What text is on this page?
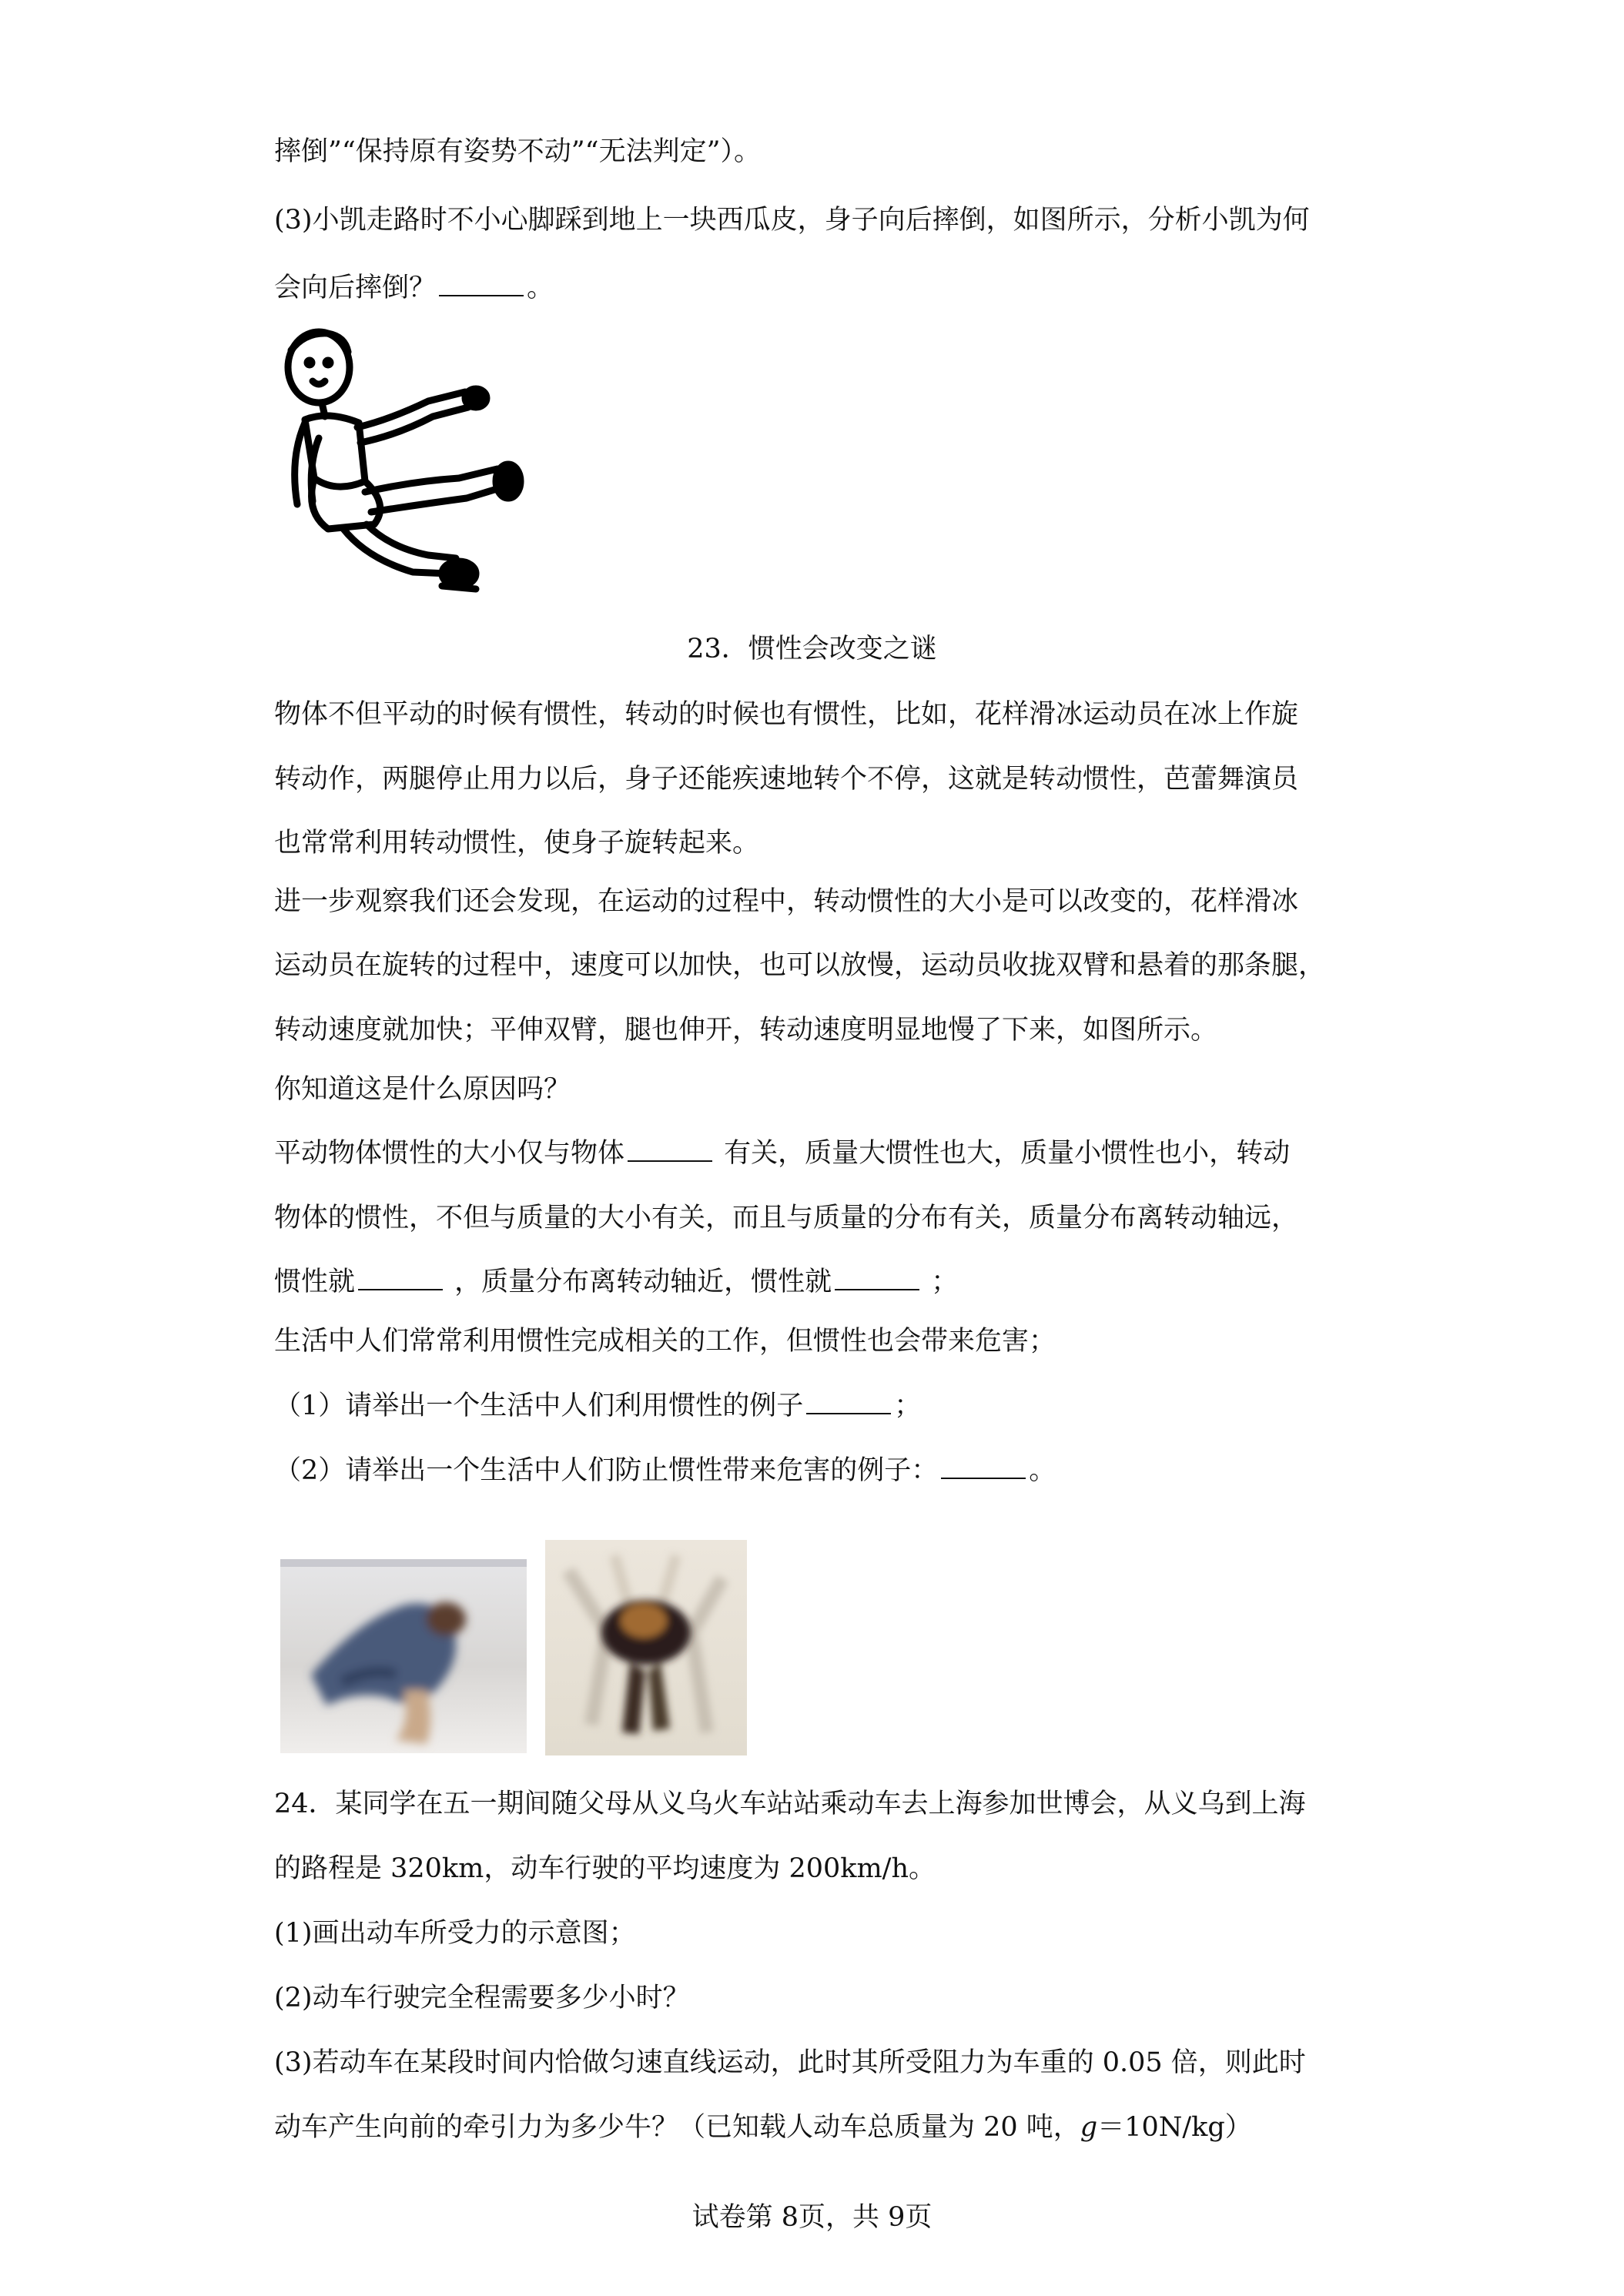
摔倒”“保持原有姿势不动”“无法判定”）。
(3)小凯走路时不小心脚踩到地上一块西瓜皮，身子向后摔倒，如图所示，分析小凯为何
会向后摔倒？	。
23．惯性会改变之谜
物体不但平动的时候有惯性，转动的时候也有惯性，比如，花样滑冰运动员在冰上作旋
转动作，两腿停止用力以后，身子还能疾速地转个不停，这就是转动惯性，芭蕾舞演员
也常常利用转动惯性，使身子旋转起来。
进一步观察我们还会发现，在运动的过程中，转动惯性的大小是可以改变的，花样滑冰
运动员在旋转的过程中，速度可以加快，也可以放慢，运动员收拢双臂和悬着的那条腿，
转动速度就加快；平伸双臂，腿也伸开，转动速度明显地慢了下来，如图所示。
你知道这是什么原因吗？
平动物体惯性的大小仅与物体	有关，质量大惯性也大，质量小惯性也小，转动
物体的惯性，不但与质量的大小有关，而且与质量的分布有关，质量分布离转动轴远，
惯性就	，质量分布离转动轴近，惯性就	；
生活中人们常常利用惯性完成相关的工作，但惯性也会带来危害；
（1）请举出一个生活中人们利用惯性的例子	；
（2）请举出一个生活中人们防止惯性带来危害的例子：	。
24．某同学在五一期间随父母从义乌火车站站乘动车去上海参加世博会，从义乌到上海
的路程是 320km，动车行驶的平均速度为 200km/h。
(1)画出动车所受力的示意图；
(2)动车行驶完全程需要多少小时？
(3)若动车在某段时间内恰做匀速直线运动，此时其所受阻力为车重的 0.05 倍，则此时
动车产生向前的牵引力为多少牛？（已知载人动车总质量为 20 吨，g＝10N/kg）
试卷第 8页，共 9页
